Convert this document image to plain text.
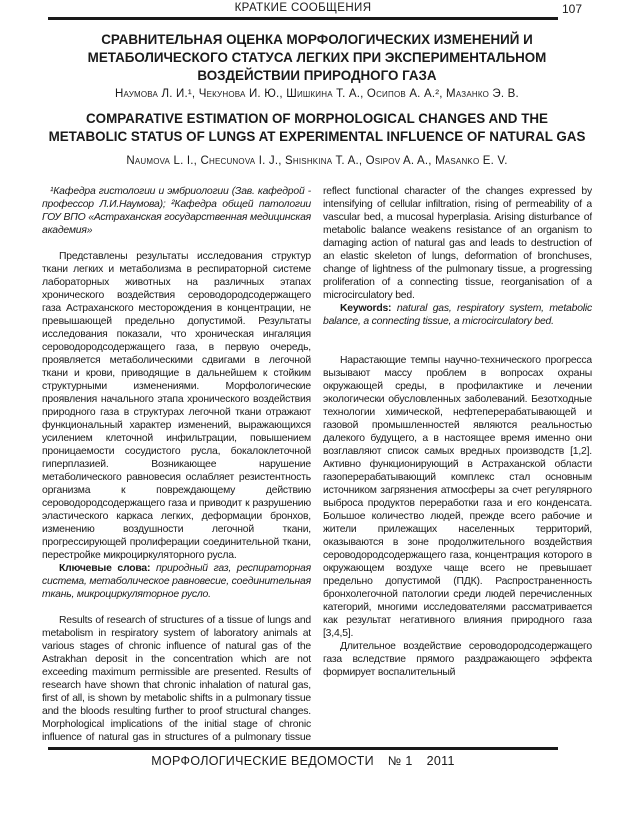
КРАТКИЕ СООБЩЕНИЯ	107
СРАВНИТЕЛЬНАЯ ОЦЕНКА МОРФОЛОГИЧЕСКИХ ИЗМЕНЕНИЙ И МЕТАБОЛИЧЕСКОГО СТАТУСА ЛЕГКИХ ПРИ ЭКСПЕРИМЕНТАЛЬНОМ ВОЗДЕЙСТВИИ ПРИРОДНОГО ГАЗА
Наумова Л. И.¹, Чекунова И. Ю., Шишкина Т. А., Осипов А. А.², Мазанко Э. В.
COMPARATIVE ESTIMATION OF MORPHOLOGICAL CHANGES AND THE METABOLIC STATUS OF LUNGS AT EXPERIMENTAL INFLUENCE OF NATURAL GAS
Naumova L. I., Checunova I. J., Shishkina T. A., Osipov A. A., Masanko E. V.

¹Кафедра гистологии и эмбриологии (Зав. кафедрой - профессор Л.И.Наумова); ²Кафедра общей патологии ГОУ ВПО «Астраханская государственная медицинская академия»

Представлены результаты исследования структур ткани легких и метаболизма в респираторной системе лабораторных животных на различных этапах хронического воздействия сероводородсодержащего газа Астраханского месторождения в концентрации, не превышающей предельно допустимой. Результаты исследования показали, что хроническая ингаляция сероводородсодержащего газа, в первую очередь, проявляется метаболическими сдвигами в легочной ткани и крови, приводящие в дальнейшем к стойким структурными изменениями. Морфологические проявления начального этапа хронического воздействия природного газа в структурах легочной ткани отражают функциональный характер изменений, выражающихся усилением клеточной инфильтрации, повышением проницаемости сосудистого русла, бокалоклеточной гиперплазией. Возникающее нарушение метаболического равновесия ослабляет резистентность организма к повреждающему действию сероводородсодержащего газа и приводит к разрушению эластического каркаса легких, деформации бронхов, изменению воздушности легочной ткани, прогрессирующей пролиферации соединительной ткани, перестройке микроциркуляторного русла.

Ключевые слова: природный газ, респираторная система, метаболическое равновесие, соединительная ткань, микроциркуляторное русло.

Results of research of structures of a tissue of lungs and metabolism in respiratory system of laboratory animals at various stages of chronic influence of natural gas of the Astrakhan deposit in the concentration which are not exceeding maximum permissible are presented. Results of research have shown that chronic inhalation of natural gas, first of all, is shown by metabolic shifts in a pulmonary tissue and the bloods resulting further to proof structural changes. Morphological implications of the initial stage of chronic influence of natural gas in structures of a pulmonary tissue reflect functional character of the changes expressed by intensifying of cellular infiltration, rising of permeability of a vascular bed, a mucosal hyperplasia. Arising disturbance of metabolic balance weakens resistance of an organism to damaging action of natural gas and leads to destruction of an elastic skeleton of lungs, deformation of bronchuses, change of lightness of the pulmonary tissue, a progressing proliferation of a connecting tissue, reorganisation of a microcirculatory bed.

Keywords: natural gas, respiratory system, metabolic balance, a connecting tissue, a microcirculatory bed.

Нарастающие темпы научно-технического прогресса вызывают массу проблем в вопросах охраны окружающей среды, в профилактике и лечении экологически обусловленных заболеваний. Безотходные технологии химической, нефтеперерабатывающей и газовой промышленностей являются реальностью далекого будущего, а в настоящее время именно они возглавляют список самых вредных производств [1,2]. Активно функционирующий в Астраханской области газоперерабатывающий комплекс стал основным источником загрязнения атмосферы за счет регулярного выброса продуктов переработки газа и его конденсата. Большое количество людей, прежде всего рабочие и жители прилежащих населенных территорий, оказываются в зоне продолжительного воздействия сероводородсодержащего газа, концентрация которого в окружающем воздухе чаще всего не превышает предельно допустимой (ПДК). Распространенность бронхолегочной патологии среди людей перечисленных категорий, многими исследователями рассматривается как результат негативного влияния природного газа [3,4,5].

Длительное воздействие сероводородсодержащего газа вследствие прямого раздражающего эффекта формирует воспалительный

МОРФОЛОГИЧЕСКИЕ ВЕДОМОСТИ № 1 2011
